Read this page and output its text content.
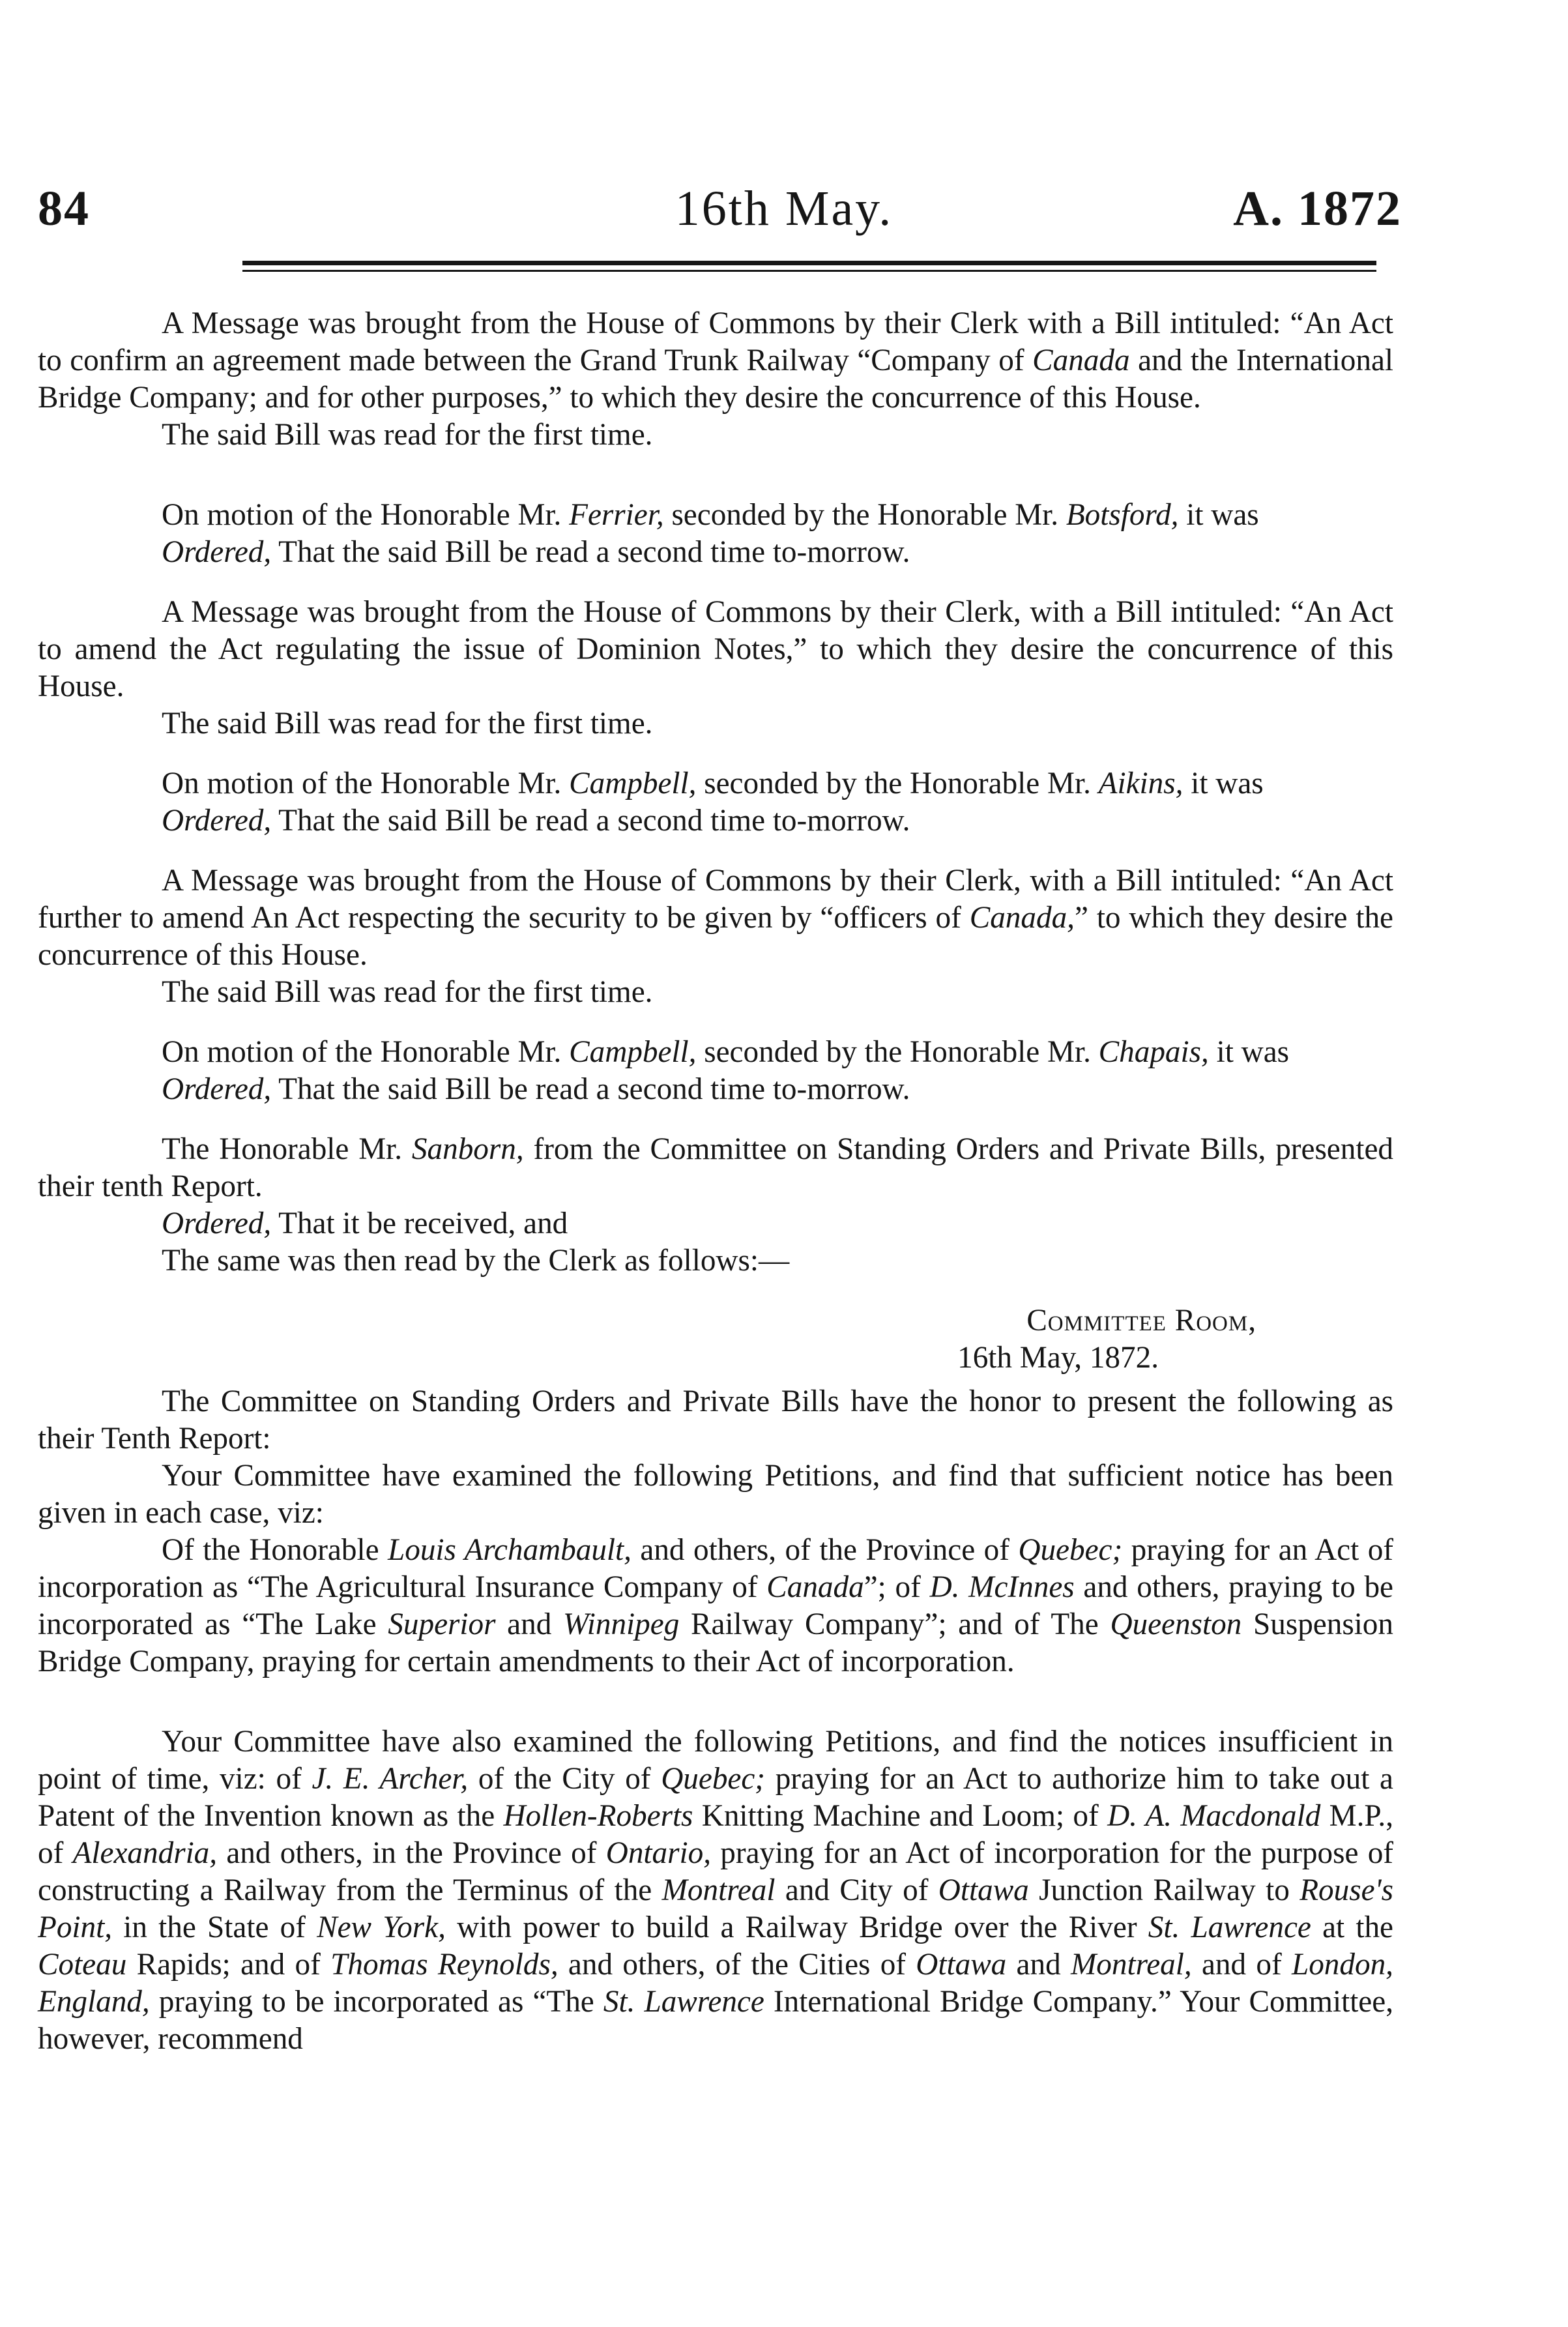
84	16th May.	A. 1872

A Message was brought from the House of Commons by their Clerk with a Bill intituled: “An Act to confirm an agreement made between the Grand Trunk Railway “Company of Canada and the International Bridge Company; and for other purposes,” to which they desire the concurrence of this House.

The said Bill was read for the first time.

On motion of the Honorable Mr. Ferrier, seconded by the Honorable Mr. Botsford, it was

Ordered, That the said Bill be read a second time to-morrow.

A Message was brought from the House of Commons by their Clerk, with a Bill intituled: “An Act to amend the Act regulating the issue of Dominion Notes,” to which they desire the concurrence of this House.

The said Bill was read for the first time.

On motion of the Honorable Mr. Campbell, seconded by the Honorable Mr. Aikins, it was

Ordered, That the said Bill be read a second time to-morrow.

A Message was brought from the House of Commons by their Clerk, with a Bill intituled: “An Act further to amend An Act respecting the security to be given by “officers of Canada,” to which they desire the concurrence of this House.

The said Bill was read for the first time.

On motion of the Honorable Mr. Campbell, seconded by the Honorable Mr. Chapais, it was

Ordered, That the said Bill be read a second time to-morrow.

The Honorable Mr. Sanborn, from the Committee on Standing Orders and Private Bills, presented their tenth Report.

Ordered, That it be received, and

The same was then read by the Clerk as follows:—

Committee Room,

16th May, 1872.

The Committee on Standing Orders and Private Bills have the honor to present the following as their Tenth Report:

Your Committee have examined the following Petitions, and find that sufficient notice has been given in each case, viz:

Of the Honorable Louis Archambault, and others, of the Province of Quebec; praying for an Act of incorporation as “The Agricultural Insurance Company of Canada”; of D. McInnes and others, praying to be incorporated as “The Lake Superior and Winnipeg Railway Company”; and of The Queenston Suspension Bridge Company, praying for certain amendments to their Act of incorporation.

Your Committee have also examined the following Petitions, and find the notices insufficient in point of time, viz: of J. E. Archer, of the City of Quebec; praying for an Act to authorize him to take out a Patent of the Invention known as the Hollen-Roberts Knitting Machine and Loom; of D. A. Macdonald M.P., of Alexandria, and others, in the Province of Ontario, praying for an Act of incorporation for the purpose of constructing a Railway from the Terminus of the Montreal and City of Ottawa Junction Railway to Rouse's Point, in the State of New York, with power to build a Railway Bridge over the River St. Lawrence at the Coteau Rapids; and of Thomas Reynolds, and others, of the Cities of Ottawa and Montreal, and of London, England, praying to be incorporated as “The St. Lawrence International Bridge Company.” Your Committee, however, recommend
